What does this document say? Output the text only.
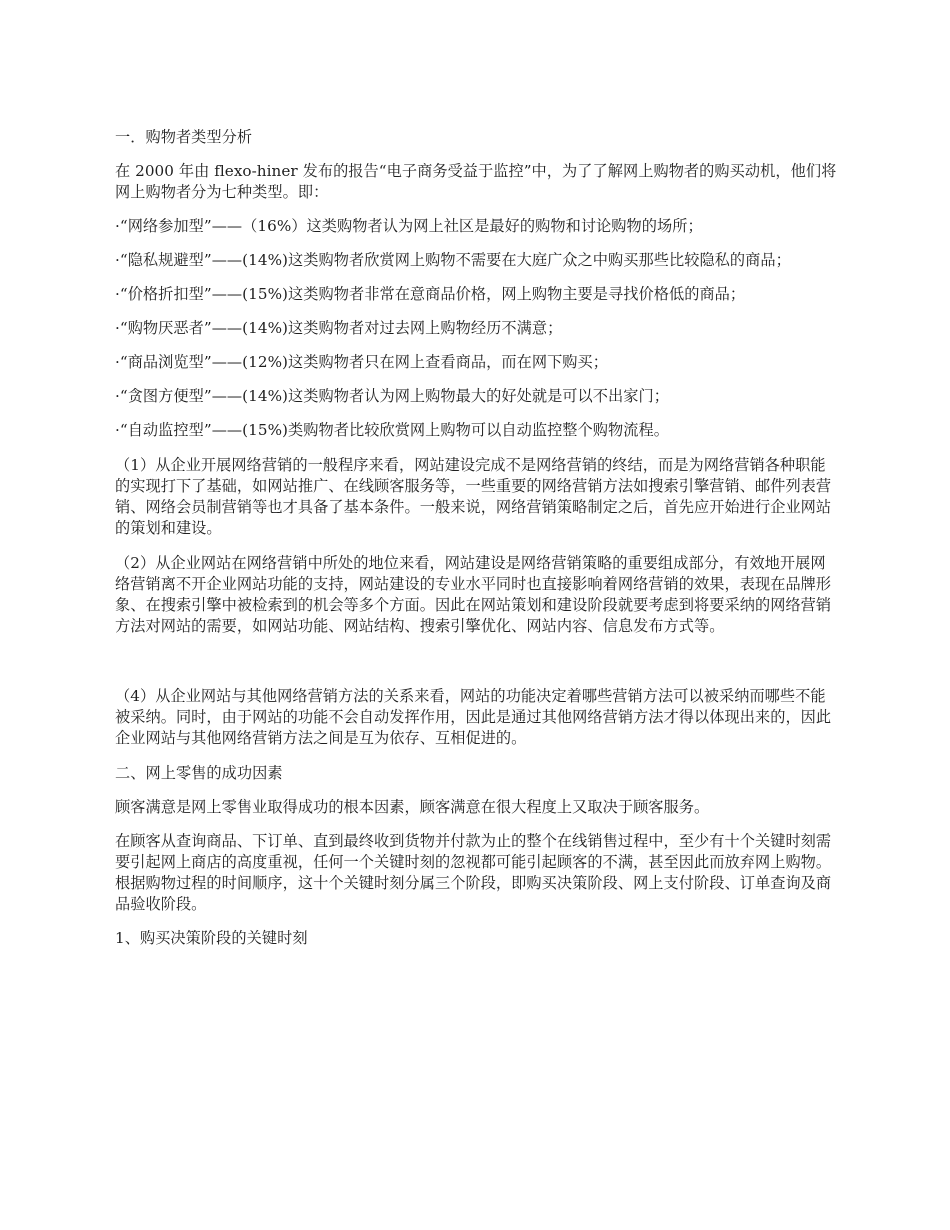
一．购物者类型分析

在 2000 年由 flexo-hiner 发布的报告“电子商务受益于监控”中，为了了解网上购物者的购买动机，他们将网上购物者分为七种类型。即：

·“网络参加型”——（16%）这类购物者认为网上社区是最好的购物和讨论购物的场所；

·“隐私规避型”——(14%)这类购物者欣赏网上购物不需要在大庭广众之中购买那些比较隐私的商品；

·“价格折扣型”——(15%)这类购物者非常在意商品价格，网上购物主要是寻找价格低的商品；

·“购物厌恶者”——(14%)这类购物者对过去网上购物经历不满意；

·“商品浏览型”——(12%)这类购物者只在网上查看商品，而在网下购买；

·“贪图方便型”——(14%)这类购物者认为网上购物最大的好处就是可以不出家门；

·“自动监控型”——(15%)类购物者比较欣赏网上购物可以自动监控整个购物流程。

（1）从企业开展网络营销的一般程序来看，网站建设完成不是网络营销的终结，而是为网络营销各种职能的实现打下了基础，如网站推广、在线顾客服务等，一些重要的网络营销方法如搜索引擎营销、邮件列表营销、网络会员制营销等也才具备了基本条件。一般来说，网络营销策略制定之后，首先应开始进行企业网站的策划和建设。

（2）从企业网站在网络营销中所处的地位来看，网站建设是网络营销策略的重要组成部分，有效地开展网络营销离不开企业网站功能的支持，网站建设的专业水平同时也直接影响着网络营销的效果，表现在品牌形象、在搜索引擎中被检索到的机会等多个方面。因此在网站策划和建设阶段就要考虑到将要采纳的网络营销方法对网站的需要，如网站功能、网站结构、搜索引擎优化、网站内容、信息发布方式等。

（4）从企业网站与其他网络营销方法的关系来看，网站的功能决定着哪些营销方法可以被采纳而哪些不能被采纳。同时，由于网站的功能不会自动发挥作用，因此是通过其他网络营销方法才得以体现出来的，因此企业网站与其他网络营销方法之间是互为依存、互相促进的。

二、网上零售的成功因素

顾客满意是网上零售业取得成功的根本因素，顾客满意在很大程度上又取决于顾客服务。

在顾客从查询商品、下订单、直到最终收到货物并付款为止的整个在线销售过程中，至少有十个关键时刻需要引起网上商店的高度重视，任何一个关键时刻的忽视都可能引起顾客的不满，甚至因此而放弃网上购物。根据购物过程的时间顺序，这十个关键时刻分属三个阶段，即购买决策阶段、网上支付阶段、订单查询及商品验收阶段。

1、购买决策阶段的关键时刻
